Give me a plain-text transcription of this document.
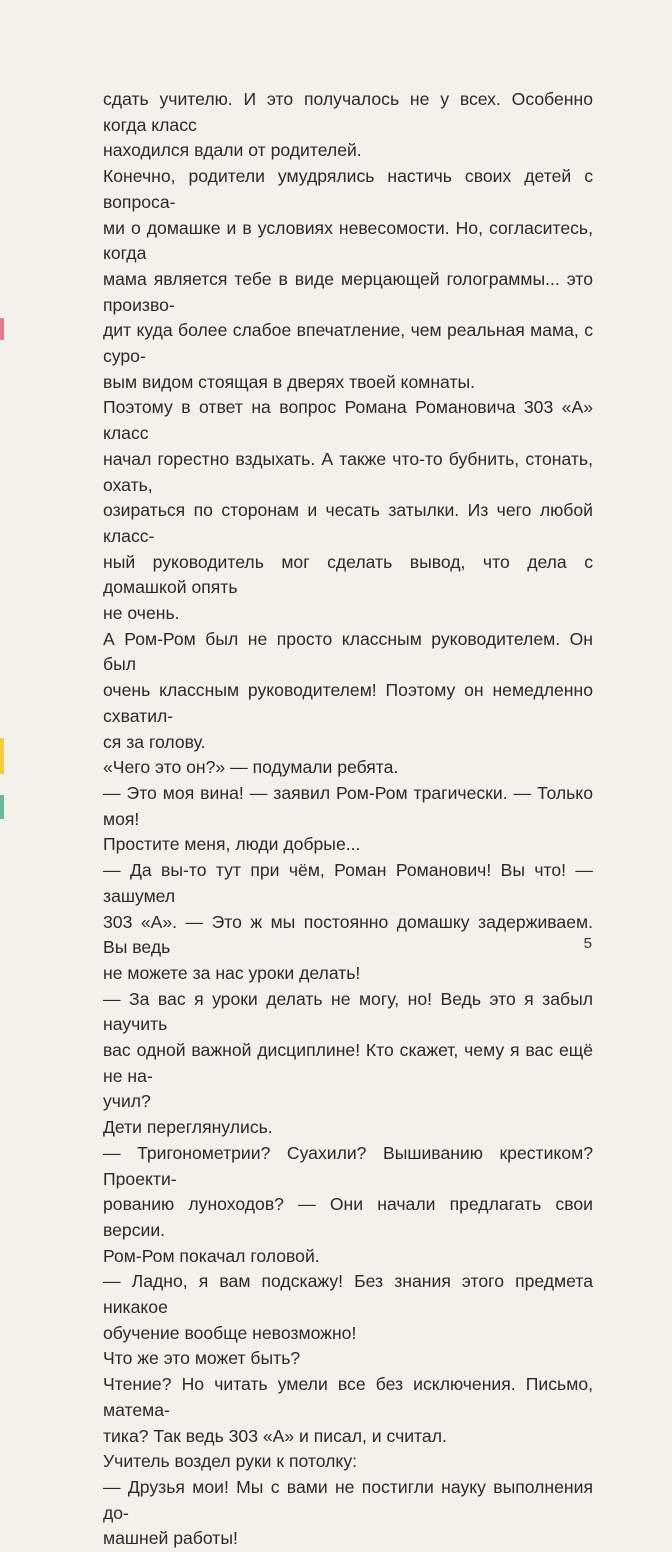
сдать учителю. И это получалось не у всех. Особенно когда класс

находился вдали от родителей.

Конечно, родители умудрялись настичь своих детей с вопроса-

ми о домашке и в условиях невесомости. Но, согласитесь, когда

мама является тебе в виде мерцающей голограммы... это произво-

дит куда более слабое впечатление, чем реальная мама, с суро-

вым видом стоящая в дверях твоей комнаты.

Поэтому в ответ на вопрос Романа Романовича 303 «А» класс

начал горестно вздыхать. А также что-то бубнить, стонать, охать,

озираться по сторонам и чесать затылки. Из чего любой класс-

ный руководитель мог сделать вывод, что дела с домашкой опять

не очень.

А Ром-Ром был не просто классным руководителем. Он был

очень классным руководителем! Поэтому он немедленно схватил-

ся за голову.

«Чего это он?» — подумали ребята.

— Это моя вина! — заявил Ром-Ром трагически. — Только моя!

Простите меня, люди добрые...

— Да вы-то тут при чём, Роман Романович! Вы что! — зашумел

303 «А». — Это ж мы постоянно домашку задерживаем. Вы ведь

не можете за нас уроки делать!

— За вас я уроки делать не могу, но! Ведь это я забыл научить

вас одной важной дисциплине! Кто скажет, чему я вас ещё не на-

учил?

Дети переглянулись.

— Тригонометрии? Суахили? Вышиванию крестиком? Проекти-

рованию луноходов? — Они начали предлагать свои версии.

Ром-Ром покачал головой.

— Ладно, я вам подскажу! Без знания этого предмета никакое

обучение вообще невозможно!

Что же это может быть?

Чтение? Но читать умели все без исключения. Письмо, матема-

тика? Так ведь 303 «А» и писал, и считал.

Учитель воздел руки к потолку:

— Друзья мои! Мы с вами не постигли науку выполнения до-

машней работы!

5
